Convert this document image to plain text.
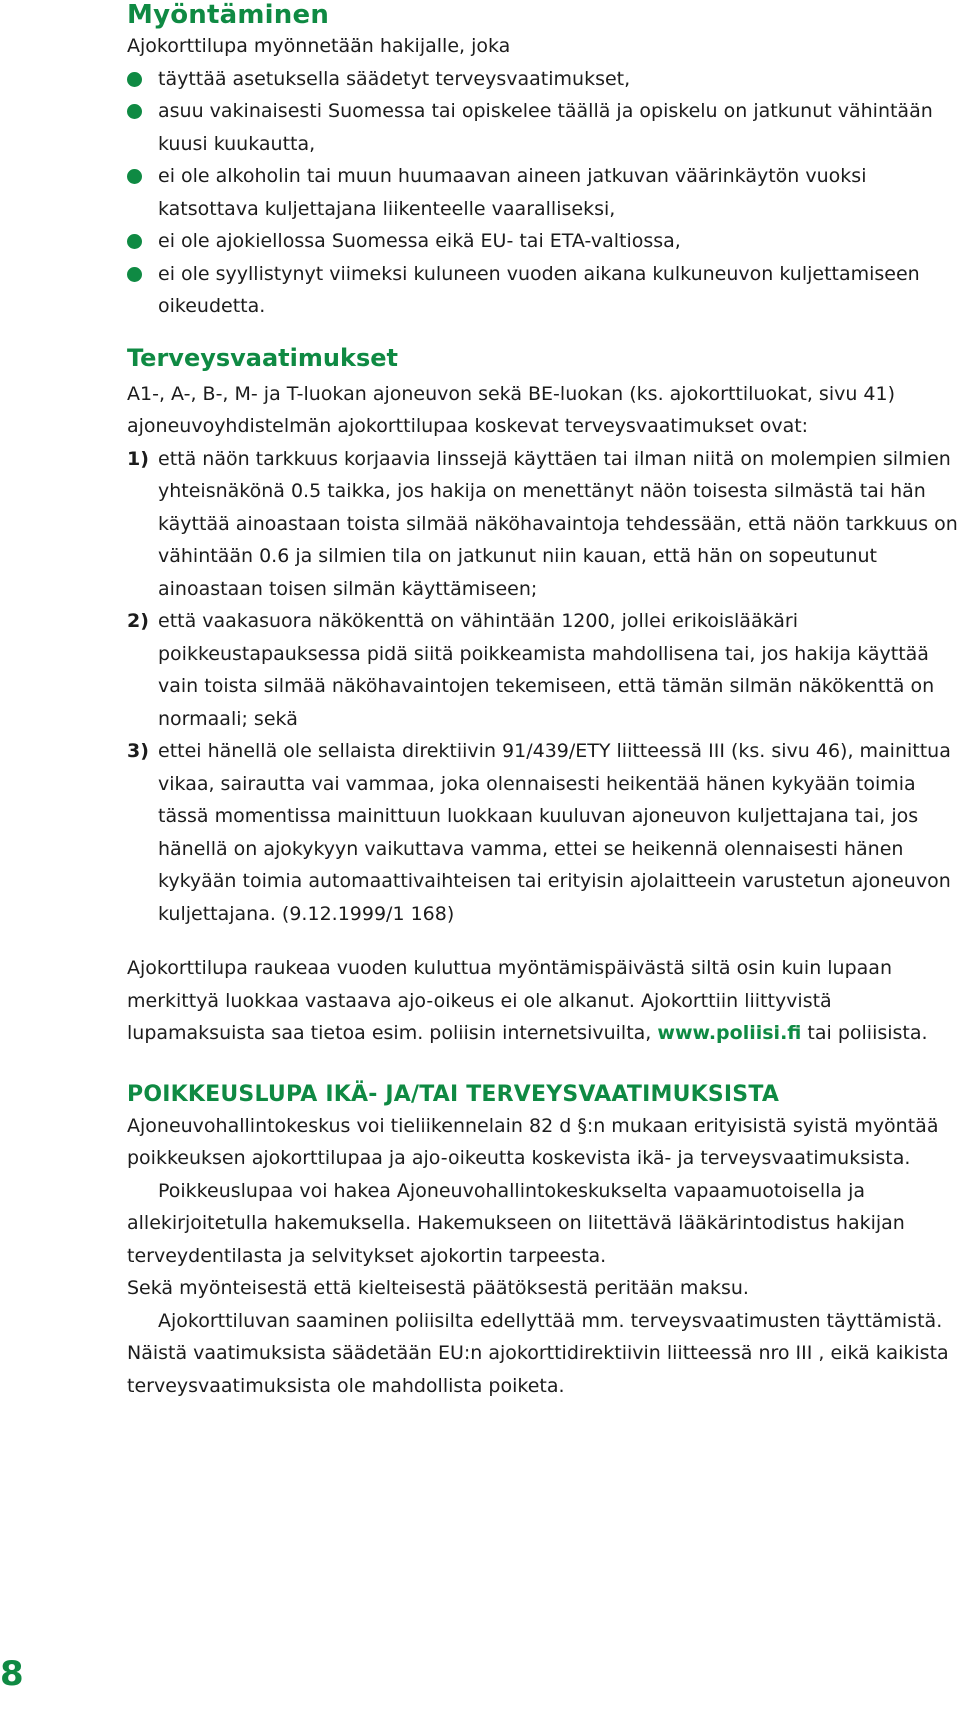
Myöntäminen

Ajokorttilupa myönnetään hakijalle, joka

täyttää asetuksella säädetyt terveysvaatimukset,
asuu vakinaisesti Suomessa tai opiskelee täällä ja opiskelu on jatkunut vähintään kuusi kuukautta,
ei ole alkoholin tai muun huumaavan aineen jatkuvan väärinkäytön vuoksi katsottava kuljettajana liikenteelle vaaralliseksi,
ei ole ajokiellossa Suomessa eikä EU- tai ETA-valtiossa,
ei ole syyllistynyt viimeksi kuluneen vuoden aikana kulkuneuvon kuljettamiseen oikeudetta.
Terveysvaatimukset

A1-, A-, B-, M- ja T-luokan ajoneuvon sekä BE-luokan (ks. ajokorttiluokat, sivu 41) ajoneuvoyhdistelmän ajokorttilupaa koskevat terveysvaatimukset ovat:

1) että näön tarkkuus korjaavia linssejä käyttäen tai ilman niitä on molempien silmien yhteisnäkönä 0.5 taikka, jos hakija on menettänyt näön toisesta silmästä tai hän käyttää ainoastaan toista silmää näköhavaintoja tehdessään, että näön tarkkuus on vähintään 0.6 ja silmien tila on jatkunut niin kauan, että hän on sopeutunut ainoastaan toisen silmän käyttämiseen;
2) että vaakasuora näkökenttä on vähintään 1200, jollei erikoislääkäri poikkeustapauksessa pidä siitä poikkeamista mahdollisena tai, jos hakija käyttää vain toista silmää näköhavaintojen tekemiseen, että tämän silmän näkökenttä on normaali; sekä
3) ettei hänellä ole sellaista direktiivin 91/439/ETY liitteessä III (ks. sivu 46), mainittua vikaa, sairautta vai vammaa, joka olennaisesti heikentää hänen kykyään toimia tässä momentissa mainittuun luokkaan kuuluvan ajoneuvon kuljettajana tai, jos hänellä on ajokykyyn vaikuttava vamma, ettei se heikennä olennaisesti hänen kykyään toimia automaattivaihteisen tai erityisin ajolaitteein varustetun ajoneuvon kuljettajana. (9.12.1999/1 168)

Ajokorttilupa raukeaa vuoden kuluttua myöntämispäivästä siltä osin kuin lupaan merkittyä luokkaa vastaava ajo-oikeus ei ole alkanut. Ajokorttiin liittyvistä lupamaksuista saa tietoa esim. poliisin internetsivuilta, www.poliisi.fi tai poliisista.

POIKKEUSLUPA IKÄ- JA/TAI TERVEYSVAATIMUKSISTA

Ajoneuvohallintokeskus voi tieliikennelain 82 d §:n mukaan erityisistä syistä myöntää poikkeuksen ajokorttilupaa ja ajo-oikeutta koskevista ikä- ja terveysvaatimuksista.

Poikkeuslupaa voi hakea Ajoneuvohallintokeskukselta vapaamuotoisella ja allekirjoitetulla hakemuksella. Hakemukseen on liitettävä lääkärintodistus hakijan terveydentilasta ja selvitykset ajokortin tarpeesta.

Sekä myönteisestä että kielteisestä päätöksestä peritään maksu.

Ajokorttiluvan saaminen poliisilta edellyttää mm. terveysvaatimusten täyttämistä. Näistä vaatimuksista säädetään EU:n ajokorttidirektiivin liitteessä nro III , eikä kaikista terveysvaatimuksista ole mahdollista poiketa.

8
